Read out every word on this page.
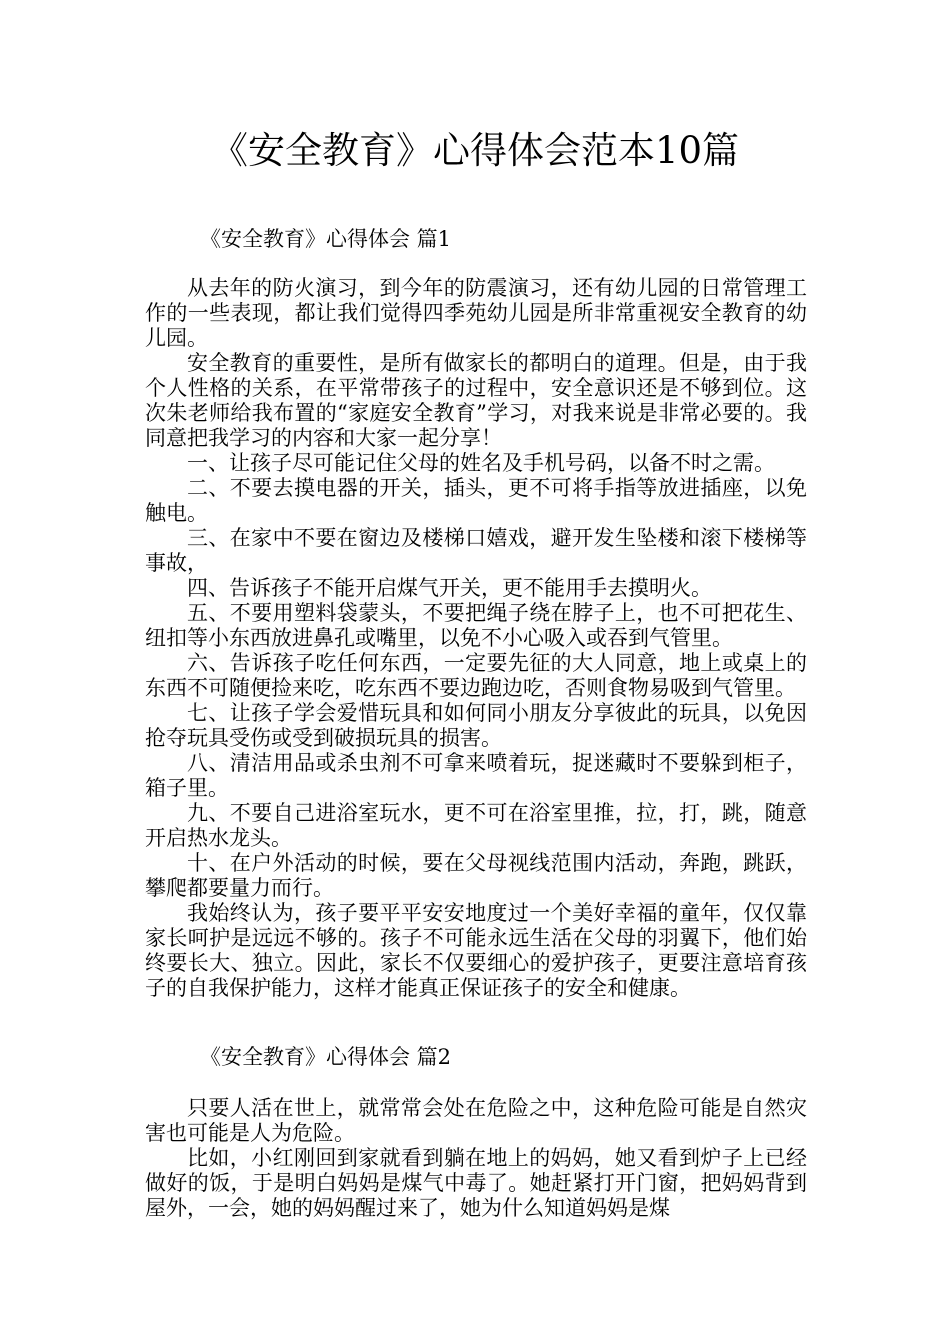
《安全教育》心得体会范本10篇
《安全教育》心得体会 篇1

从去年的防火演习，到今年的防震演习，还有幼儿园的日常管理工作的一些表现，都让我们觉得四季苑幼儿园是所非常重视安全教育的幼儿园。

安全教育的重要性，是所有做家长的都明白的道理。但是，由于我个人性格的关系，在平常带孩子的过程中，安全意识还是不够到位。这次朱老师给我布置的“家庭安全教育”学习，对我来说是非常必要的。我同意把我学习的内容和大家一起分享！

一、让孩子尽可能记住父母的姓名及手机号码，以备不时之需。

二、不要去摸电器的开关，插头，更不可将手指等放进插座，以免触电。

三、在家中不要在窗边及楼梯口嬉戏，避开发生坠楼和滚下楼梯等事故，

四、告诉孩子不能开启煤气开关，更不能用手去摸明火。

五、不要用塑料袋蒙头，不要把绳子绕在脖子上，也不可把花生、纽扣等小东西放进鼻孔或嘴里，以免不小心吸入或吞到气管里。

六、告诉孩子吃任何东西，一定要先征的大人同意，地上或桌上的东西不可随便捡来吃，吃东西不要边跑边吃，否则食物易吸到气管里。

七、让孩子学会爱惜玩具和如何同小朋友分享彼此的玩具，以免因抢夺玩具受伤或受到破损玩具的损害。

八、清洁用品或杀虫剂不可拿来喷着玩，捉迷藏时不要躲到柜子，箱子里。

九、不要自己进浴室玩水，更不可在浴室里推，拉，打，跳，随意开启热水龙头。

十、在户外活动的时候，要在父母视线范围内活动，奔跑，跳跃，攀爬都要量力而行。

我始终认为，孩子要平平安安地度过一个美好幸福的童年，仅仅靠家长呵护是远远不够的。孩子不可能永远生活在父母的羽翼下，他们始终要长大、独立。因此，家长不仅要细心的爱护孩子，更要注意培育孩子的自我保护能力，这样才能真正保证孩子的安全和健康。

《安全教育》心得体会 篇2

只要人活在世上，就常常会处在危险之中，这种危险可能是自然灾害也可能是人为危险。

比如，小红刚回到家就看到躺在地上的妈妈，她又看到炉子上已经做好的饭，于是明白妈妈是煤气中毒了。她赶紧打开门窗，把妈妈背到屋外，一会，她的妈妈醒过来了，她为什么知道妈妈是煤
